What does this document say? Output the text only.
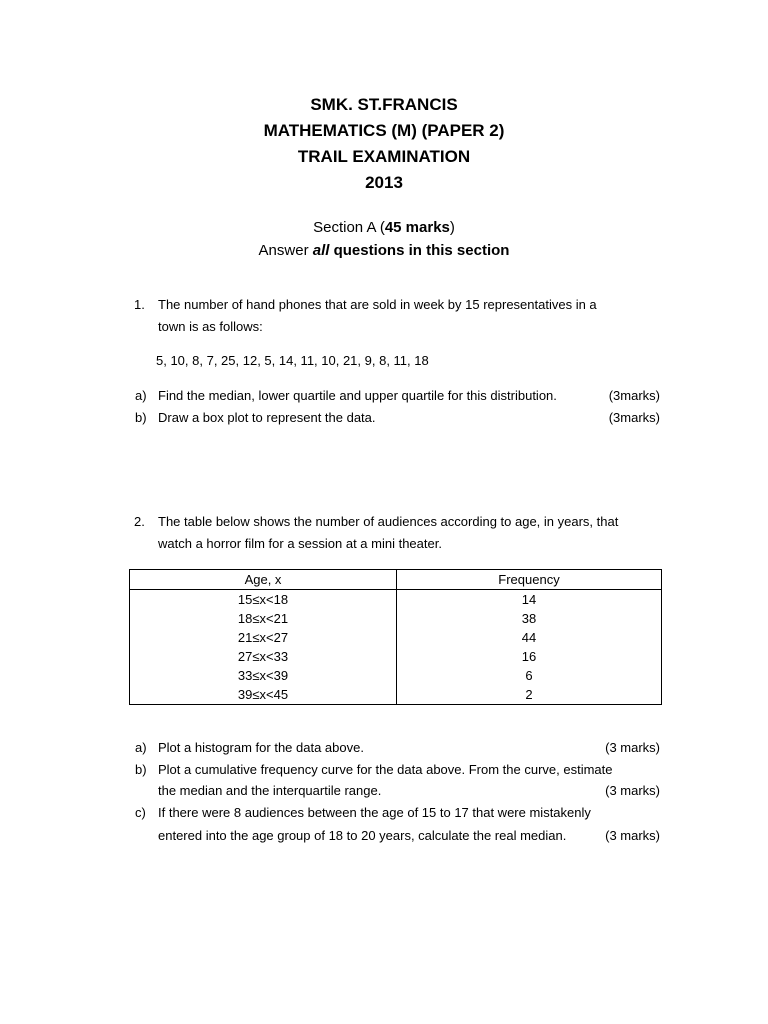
SMK. ST.FRANCIS
MATHEMATICS (M) (PAPER 2)
TRAIL EXAMINATION
2013
Section A (45 marks)
Answer all questions in this section
1. The number of hand phones that are sold in week by 15 representatives in a
town is as follows:
5, 10, 8, 7, 25, 12, 5, 14, 11, 10, 21, 9, 8, 11, 18
a) Find the median, lower quartile and upper quartile for this distribution.	(3marks)
b) Draw a box plot to represent the data.	(3marks)
2. The table below shows the number of audiences according to age, in years, that
watch a horror film for a session at a mini theater.
Age, x	Frequency
15≤x<18	14
18≤x<21	38
21≤x<27	44
27≤x<33	16
33≤x<39	6
39≤x<45	2
a) Plot a histogram for the data above.	(3 marks)
b) Plot a cumulative frequency curve for the data above. From the curve, estimate
the median and the interquartile range.	(3 marks)
c) If there were 8 audiences between the age of 15 to 17 that were mistakenly
entered into the age group of 18 to 20 years, calculate the real median.	(3 marks)
